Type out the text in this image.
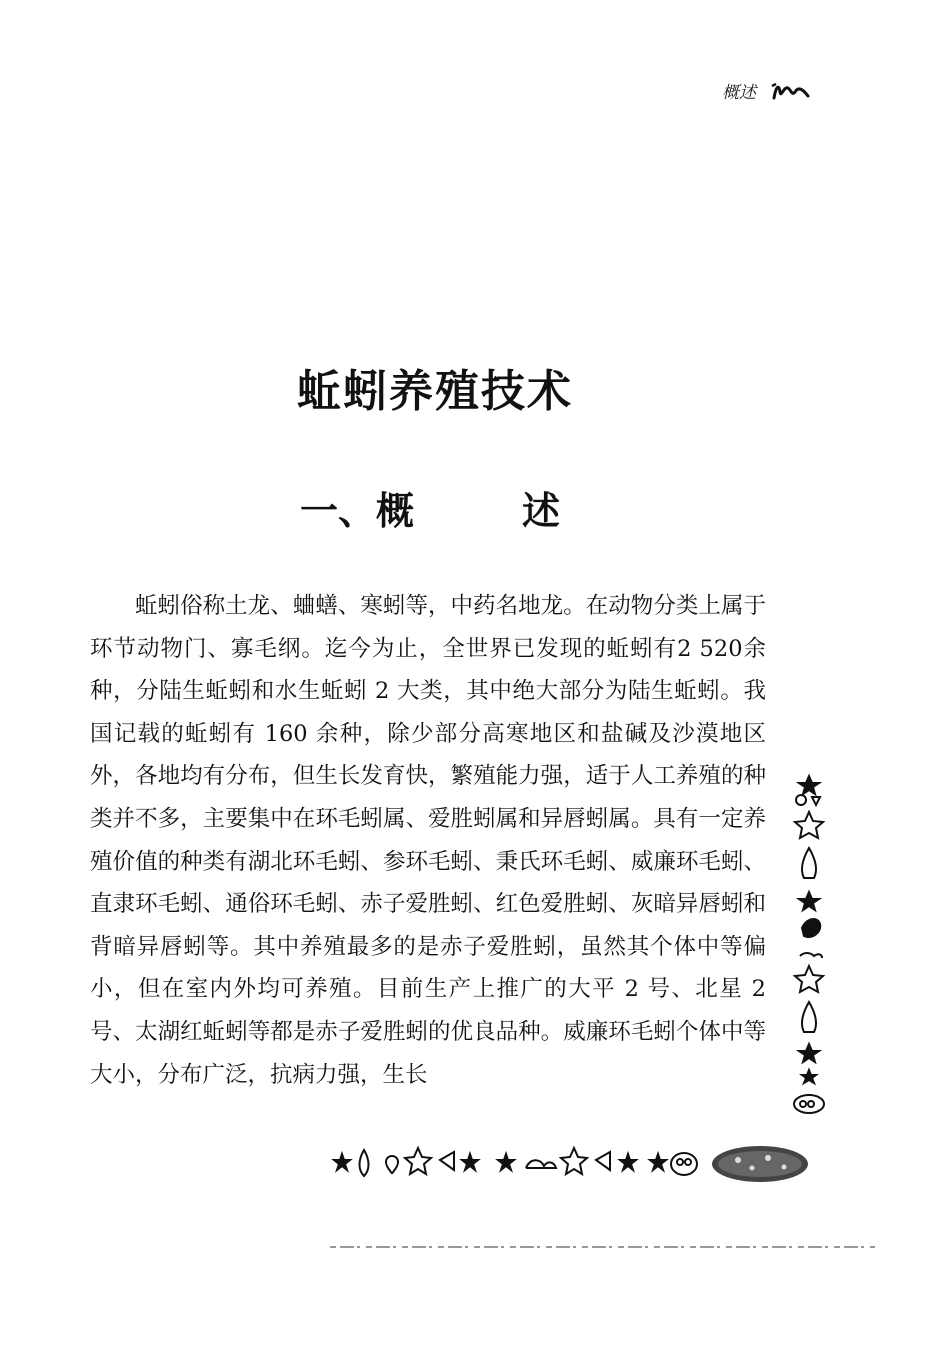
概述
蚯蚓养殖技术
一、概	述

蚯蚓俗称土龙、蛐蟮、寒蚓等，中药名地龙。在动物分类上属于环节动物门、寡毛纲。迄今为止，全世界已发现的蚯蚓有2 520余种，分陆生蚯蚓和水生蚯蚓 2 大类，其中绝大部分为陆生蚯蚓。我国记载的蚯蚓有 160 余种，除少部分高寒地区和盐碱及沙漠地区外，各地均有分布，但生长发育快，繁殖能力强，适于人工养殖的种类并不多，主要集中在环毛蚓属、爱胜蚓属和异唇蚓属。具有一定养殖价值的种类有湖北环毛蚓、参环毛蚓、秉氏环毛蚓、威廉环毛蚓、直隶环毛蚓、通俗环毛蚓、赤子爱胜蚓、红色爱胜蚓、灰暗异唇蚓和背暗异唇蚓等。其中养殖最多的是赤子爱胜蚓，虽然其个体中等偏小，但在室内外均可养殖。目前生产上推广的大平 2 号、北星 2 号、太湖红蚯蚓等都是赤子爱胜蚓的优良品种。威廉环毛蚓个体中等大小，分布广泛，抗病力强，生长
